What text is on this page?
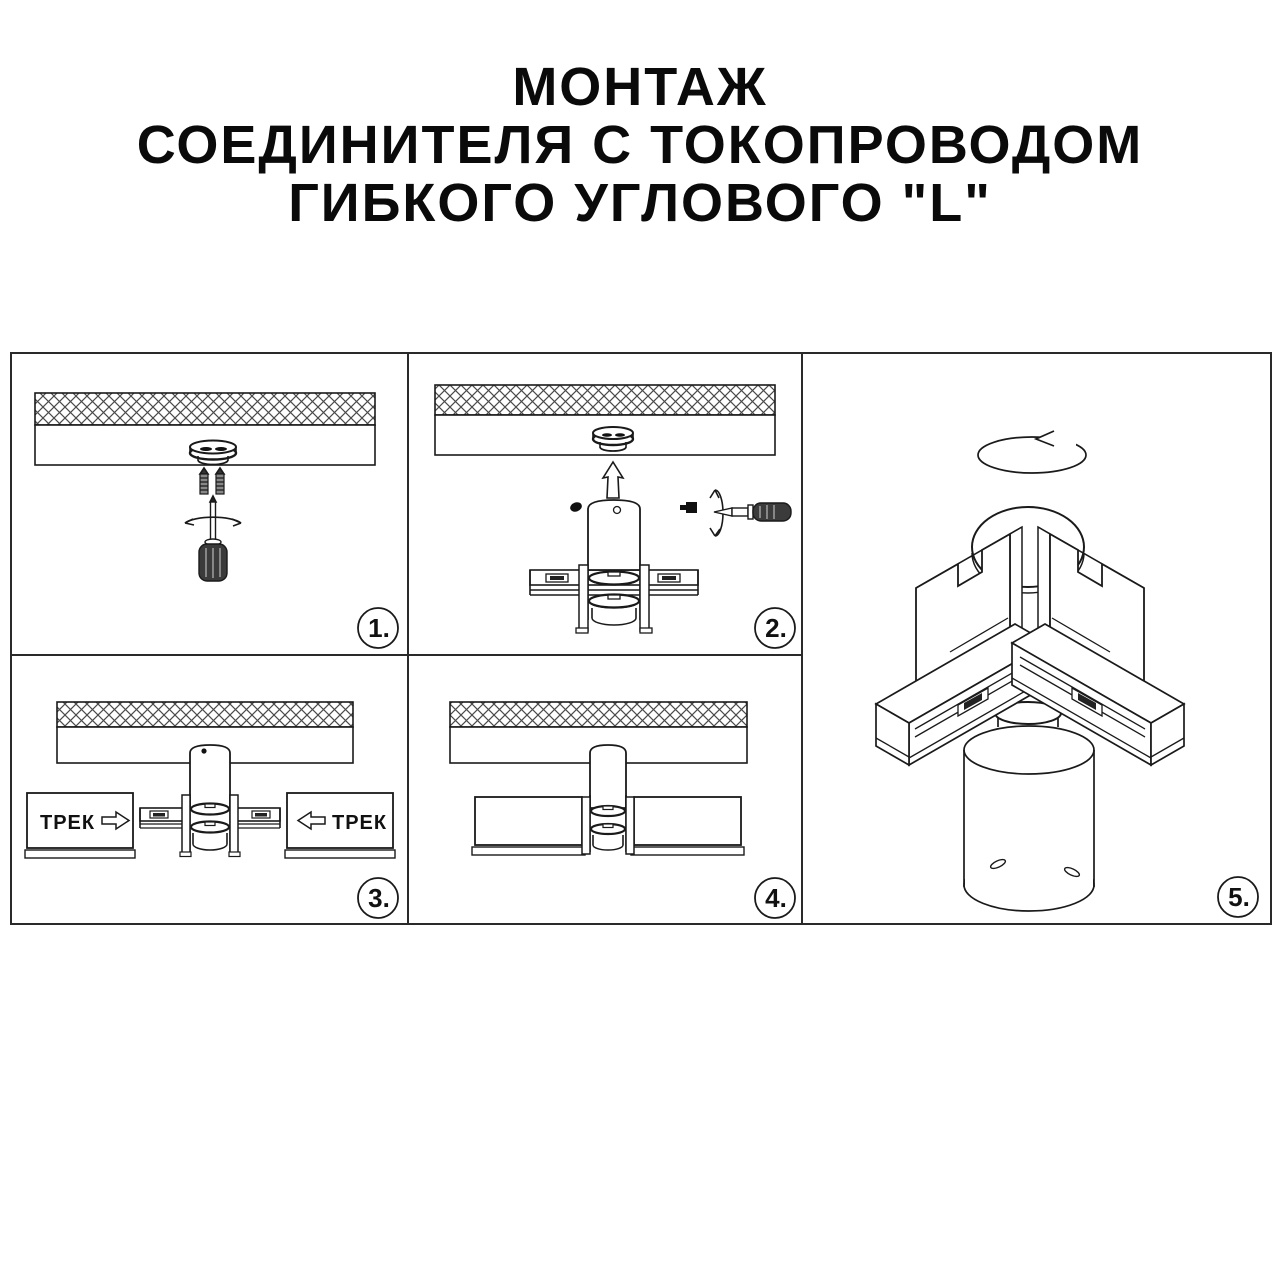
МОНТАЖ
СОЕДИНИТЕЛЯ С ТОКОПРОВОДОМ
ГИБКОГО УГЛОВОГО "L"
1.	2.
ТРЕК	ТРЕК
3.	4.	5.
